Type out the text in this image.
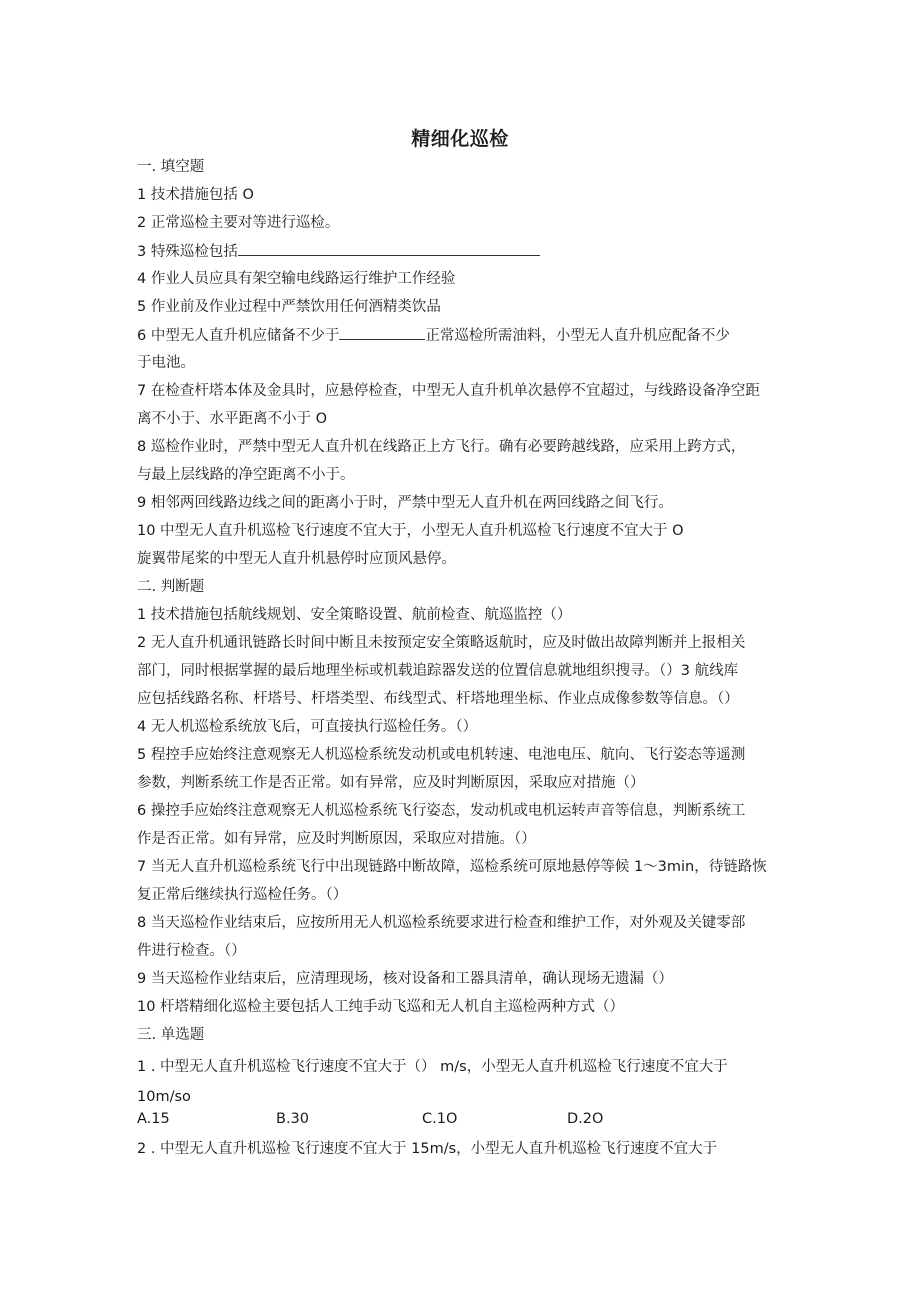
精细化巡检
一. 填空题
1 技术措施包括 O
2 正常巡检主要对等进行巡检。
3 特殊巡检包括
4 作业人员应具有架空输电线路运行维护工作经验
5 作业前及作业过程中严禁饮用任何酒精类饮品
6 中型无人直升机应储备不少于	正常巡检所需油料，小型无人直升机应配备不少
于电池。
7 在检查杆塔本体及金具时，应悬停检查，中型无人直升机单次悬停不宜超过，与线路设备净空距
离不小于、水平距离不小于 O
8 巡检作业时，严禁中型无人直升机在线路正上方飞行。确有必要跨越线路，应采用上跨方式，
与最上层线路的净空距离不小于。
9 相邻两回线路边线之间的距离小于时，严禁中型无人直升机在两回线路之间飞行。
10 中型无人直升机巡检飞行速度不宜大于，小型无人直升机巡检飞行速度不宜大于 O
旋翼带尾桨的中型无人直升机悬停时应顶风悬停。
二. 判断题
1 技术措施包括航线规划、安全策略设置、航前检查、航巡监控（）
2 无人直升机通讯链路长时间中断且未按预定安全策略返航时，应及时做出故障判断并上报相关
部门，同时根据掌握的最后地理坐标或机载追踪器发送的位置信息就地组织搜寻。（）3 航线库
应包括线路名称、杆塔号、杆塔类型、布线型式、杆塔地理坐标、作业点成像参数等信息。（）
4 无人机巡检系统放飞后，可直接执行巡检任务。（）
5 程控手应始终注意观察无人机巡检系统发动机或电机转速、电池电压、航向、飞行姿态等遥测
参数，判断系统工作是否正常。如有异常，应及时判断原因，采取应对措施（）
6 操控手应始终注意观察无人机巡检系统飞行姿态，发动机或电机运转声音等信息，判断系统工
作是否正常。如有异常，应及时判断原因，采取应对措施。（）
7 当无人直升机巡检系统飞行中出现链路中断故障，巡检系统可原地悬停等候 1～3min，待链路恢
复正常后继续执行巡检任务。（）
8 当天巡检作业结束后，应按所用无人机巡检系统要求进行检查和维护工作，对外观及关键零部
件进行检查。（）
9 当天巡检作业结束后，应清理现场，核对设备和工器具清单，确认现场无遗漏（）
10 杆塔精细化巡检主要包括人工纯手动飞巡和无人机自主巡检两种方式（）
三. 单选题
1 . 中型无人直升机巡检飞行速度不宜大于（） m/s，小型无人直升机巡检飞行速度不宜大于
10m/so
A.15	B.30	C.1O	D.2O
2 . 中型无人直升机巡检飞行速度不宜大于 15m/s，小型无人直升机巡检飞行速度不宜大于
